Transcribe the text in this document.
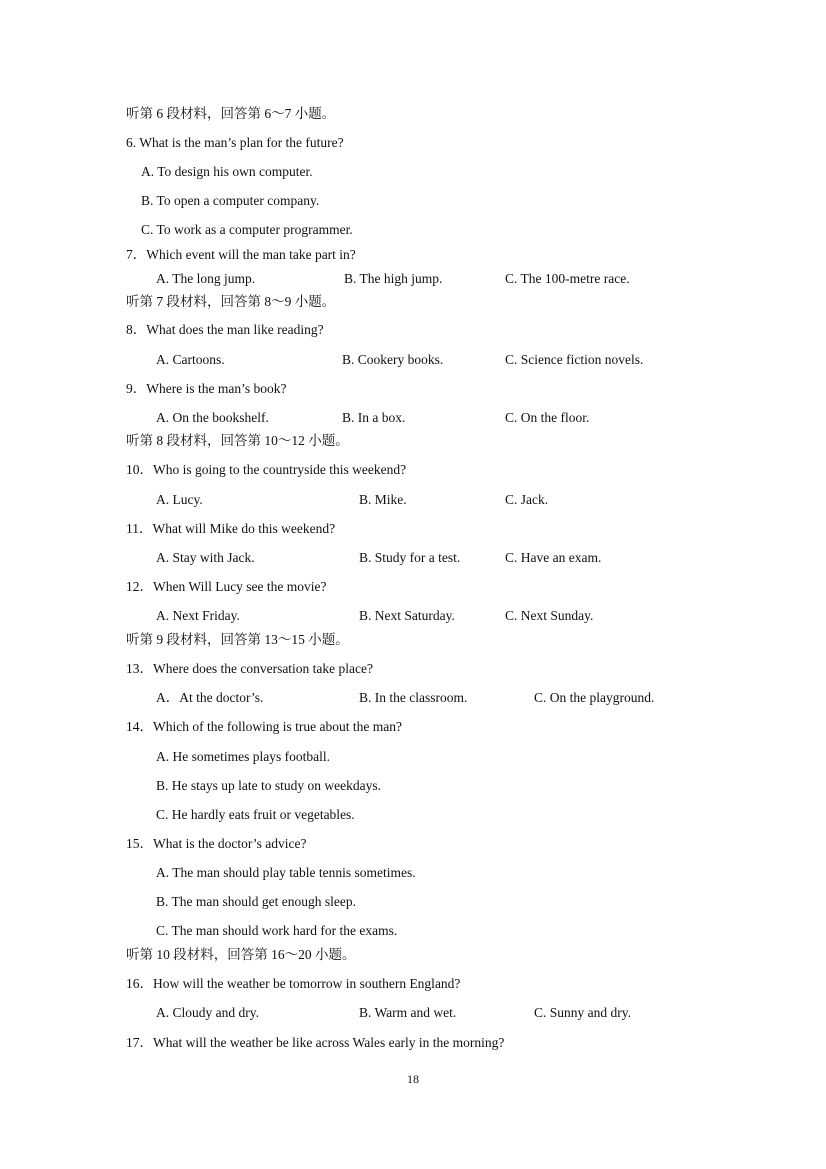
听第 6 段材料，回答第 6～7 小题。
6. What is the man’s plan for the future?
A. To design his own computer.
B. To open a computer company.
C. To work as a computer programmer.
7．Which event will the man take part in?
A. The long jump.	B. The high jump.	C. The 100-metre race.
听第 7 段材料，回答第 8～9 小题。
8．What does the man like reading?
A. Cartoons.	B. Cookery books.	C. Science fiction novels.
9．Where is the man’s book?
A. On the bookshelf.	B. In a box.	C. On the floor.
听第 8 段材料，回答第 10～12 小题。
10．Who is going to the countryside this weekend?
A. Lucy.	B. Mike.	C. Jack.
11．What will Mike do this weekend?
A. Stay with Jack.	B. Study for a test.	C. Have an exam.
12．When Will Lucy see the movie?
A. Next Friday.	B. Next Saturday.	C. Next Sunday.
听第 9 段材料，回答第 13～15 小题。
13．Where does the conversation take place?
A．At the doctor’s.	B. In the classroom.	C. On the playground.
14．Which of the following is true about the man?
A. He sometimes plays football.
B. He stays up late to study on weekdays.
C. He hardly eats fruit or vegetables.
15．What is the doctor’s advice?
A. The man should play table tennis sometimes.
B. The man should get enough sleep.
C. The man should work hard for the exams.
听第 10 段材料，回答第 16～20 小题。
16．How will the weather be tomorrow in southern England?
A. Cloudy and dry.	B. Warm and wet.	C. Sunny and dry.
17．What will the weather be like across Wales early in the morning?
18
